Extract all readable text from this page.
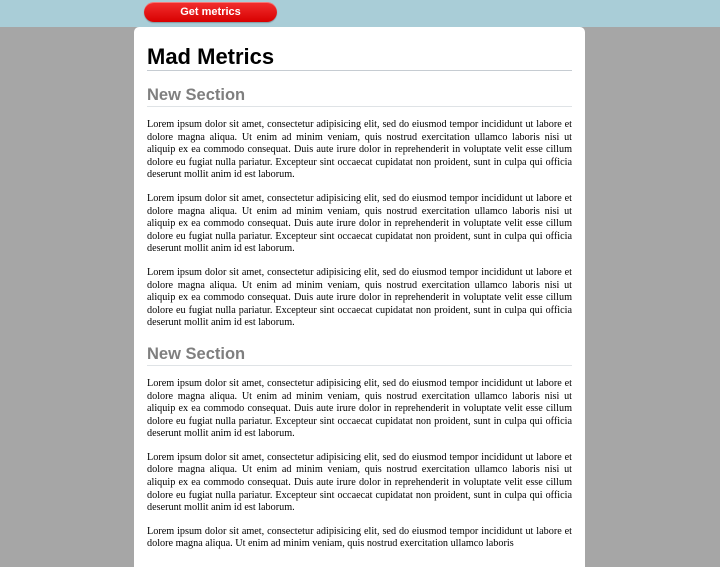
Get metrics
Mad Metrics
New Section

Lorem ipsum dolor sit amet, consectetur adipisicing elit, sed do eiusmod tempor incididunt ut labore et dolore magna aliqua. Ut enim ad minim veniam, quis nostrud exercitation ullamco laboris nisi ut aliquip ex ea commodo consequat. Duis aute irure dolor in reprehenderit in voluptate velit esse cillum dolore eu fugiat nulla pariatur. Excepteur sint occaecat cupidatat non proident, sunt in culpa qui officia deserunt mollit anim id est laborum.

Lorem ipsum dolor sit amet, consectetur adipisicing elit, sed do eiusmod tempor incididunt ut labore et dolore magna aliqua. Ut enim ad minim veniam, quis nostrud exercitation ullamco laboris nisi ut aliquip ex ea commodo consequat. Duis aute irure dolor in reprehenderit in voluptate velit esse cillum dolore eu fugiat nulla pariatur. Excepteur sint occaecat cupidatat non proident, sunt in culpa qui officia deserunt mollit anim id est laborum.

Lorem ipsum dolor sit amet, consectetur adipisicing elit, sed do eiusmod tempor incididunt ut labore et dolore magna aliqua. Ut enim ad minim veniam, quis nostrud exercitation ullamco laboris nisi ut aliquip ex ea commodo consequat. Duis aute irure dolor in reprehenderit in voluptate velit esse cillum dolore eu fugiat nulla pariatur. Excepteur sint occaecat cupidatat non proident, sunt in culpa qui officia deserunt mollit anim id est laborum.

New Section

Lorem ipsum dolor sit amet, consectetur adipisicing elit, sed do eiusmod tempor incididunt ut labore et dolore magna aliqua. Ut enim ad minim veniam, quis nostrud exercitation ullamco laboris nisi ut aliquip ex ea commodo consequat. Duis aute irure dolor in reprehenderit in voluptate velit esse cillum dolore eu fugiat nulla pariatur. Excepteur sint occaecat cupidatat non proident, sunt in culpa qui officia deserunt mollit anim id est laborum.

Lorem ipsum dolor sit amet, consectetur adipisicing elit, sed do eiusmod tempor incididunt ut labore et dolore magna aliqua. Ut enim ad minim veniam, quis nostrud exercitation ullamco laboris nisi ut aliquip ex ea commodo consequat. Duis aute irure dolor in reprehenderit in voluptate velit esse cillum dolore eu fugiat nulla pariatur. Excepteur sint occaecat cupidatat non proident, sunt in culpa qui officia deserunt mollit anim id est laborum.

Lorem ipsum dolor sit amet, consectetur adipisicing elit, sed do eiusmod tempor incididunt ut labore et dolore magna aliqua. Ut enim ad minim veniam, quis nostrud exercitation ullamco laboris
